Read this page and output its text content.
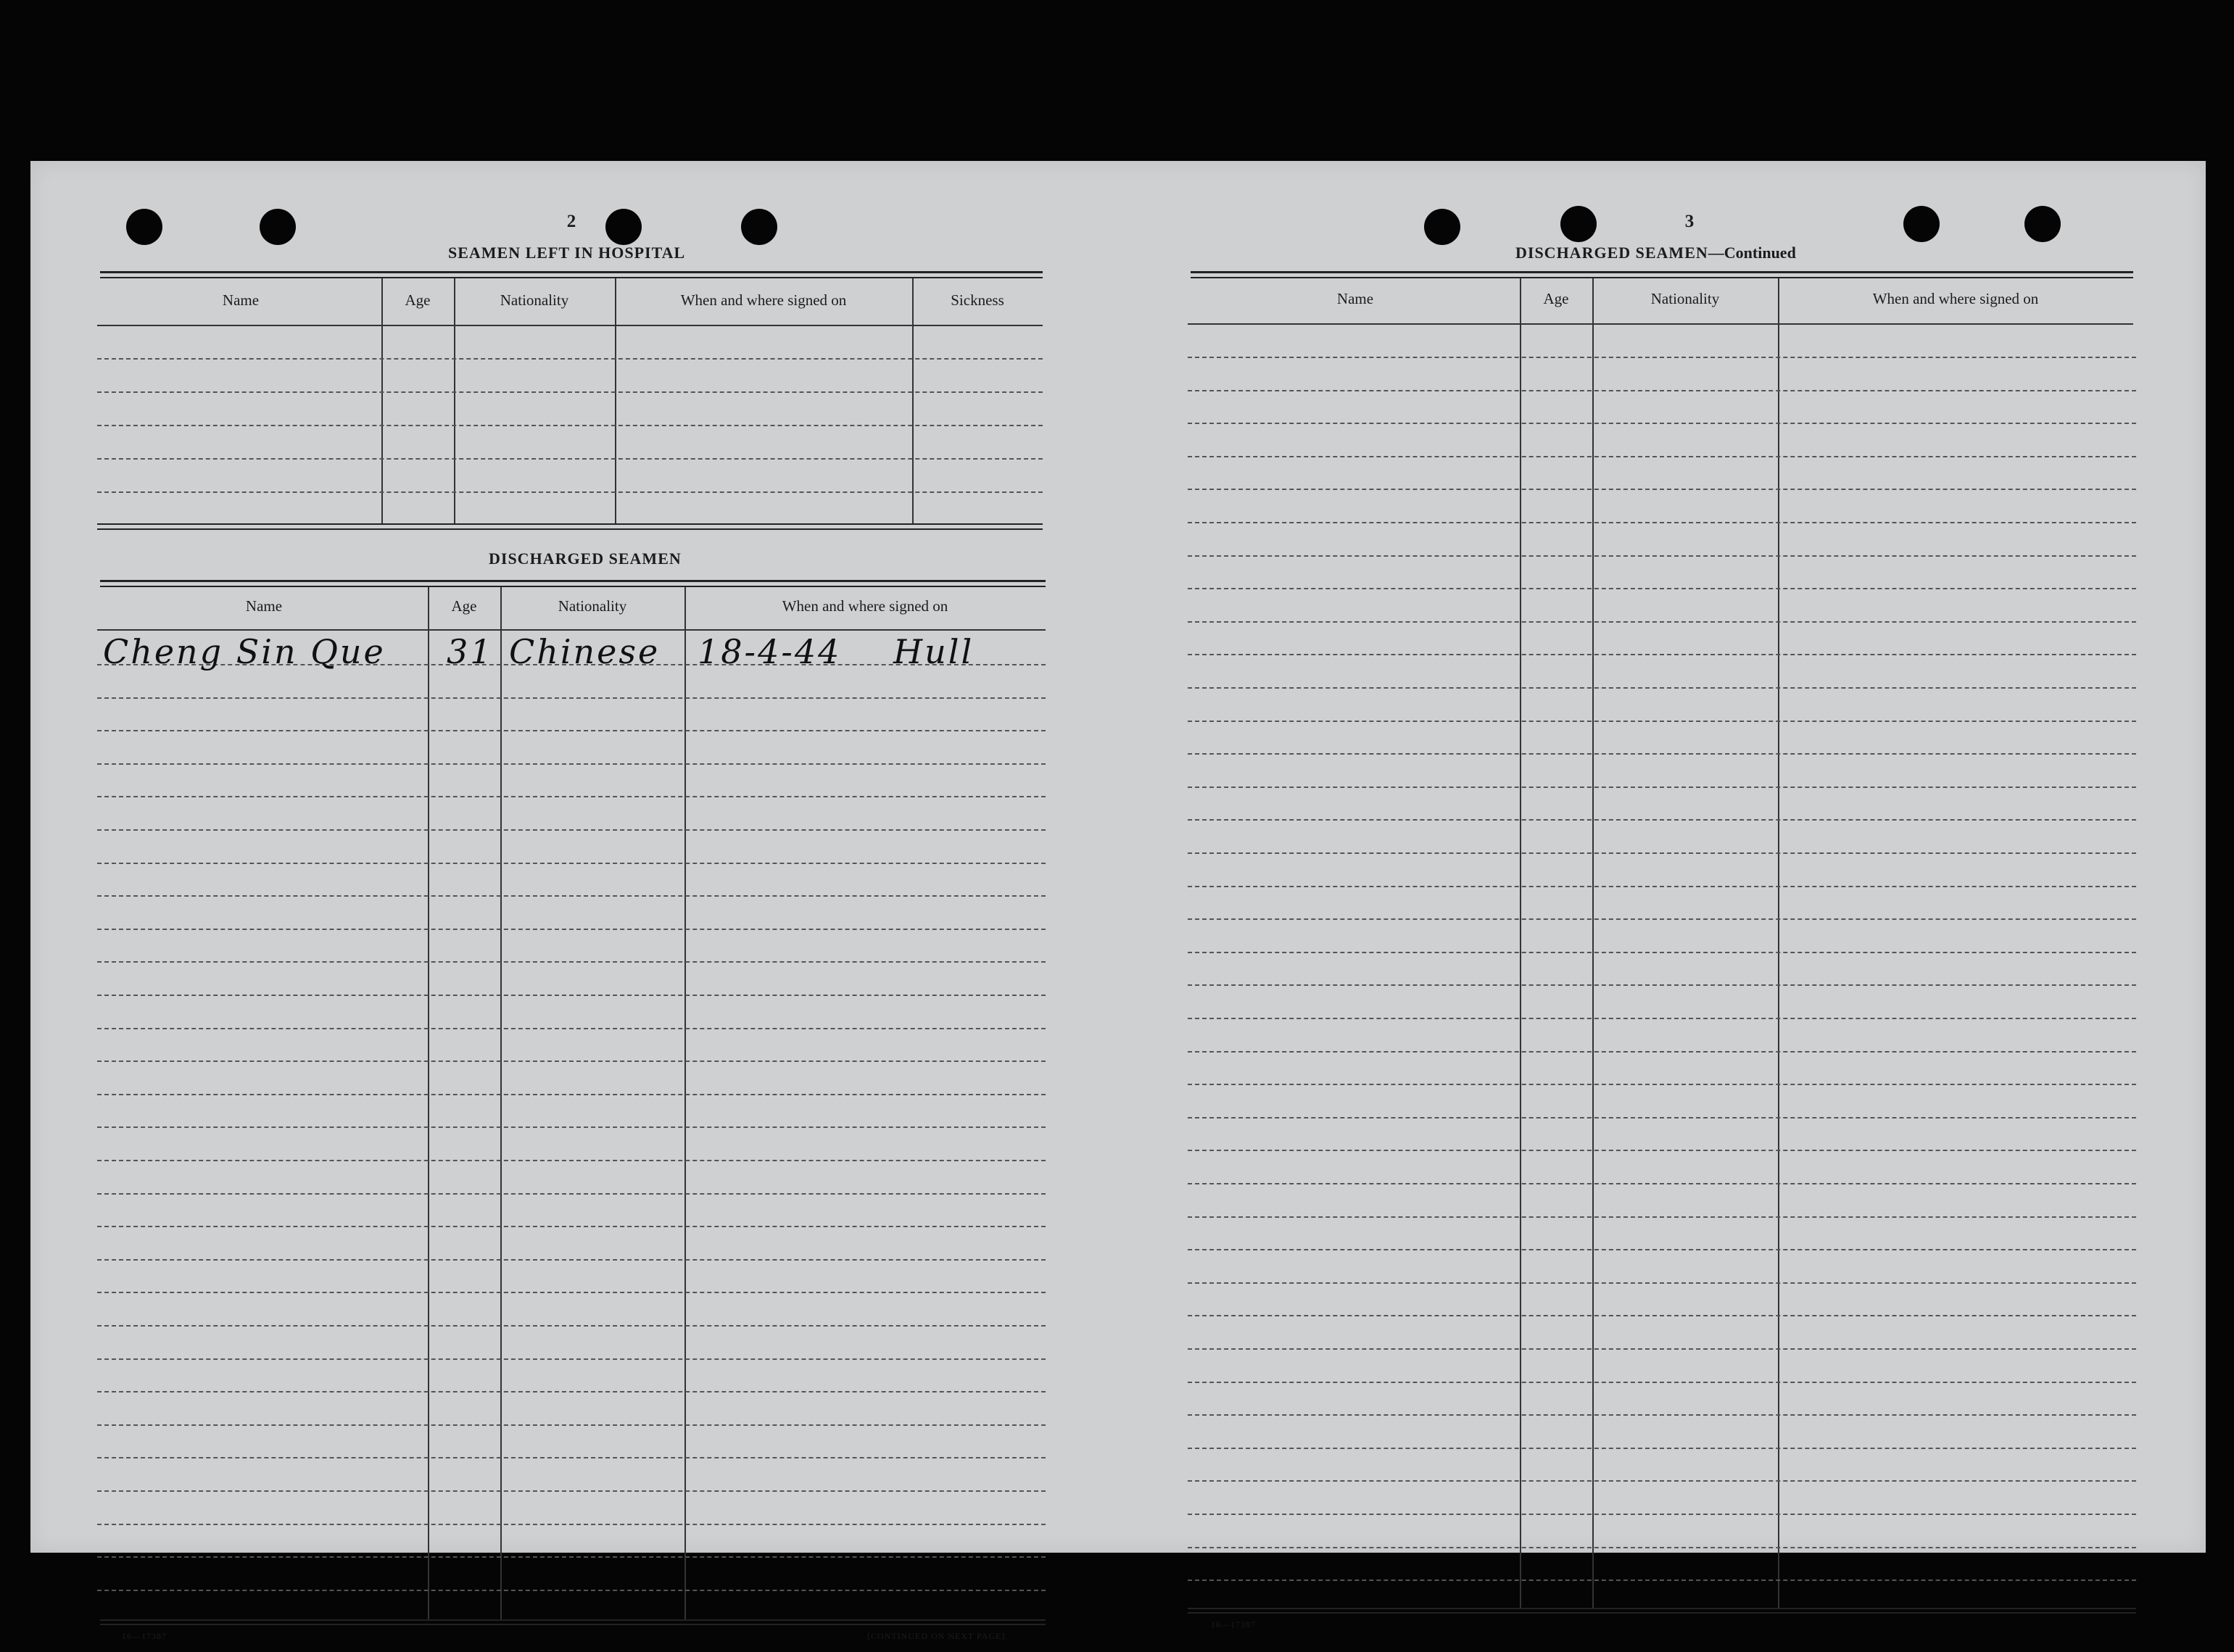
2
SEAMEN LEFT IN HOSPITAL
Name	Age	Nationality	When and where signed on	Sickness
DISCHARGED SEAMEN
Name	Age	Nationality	When and where signed on
Cheng Sin Que 31 Chinese 18-4-44 Hull
16—17387	[CONTINUED ON NEXT PAGE]
3
DISCHARGED SEAMEN—Continued
Name	Age	Nationality	When and where signed on
16—17387
